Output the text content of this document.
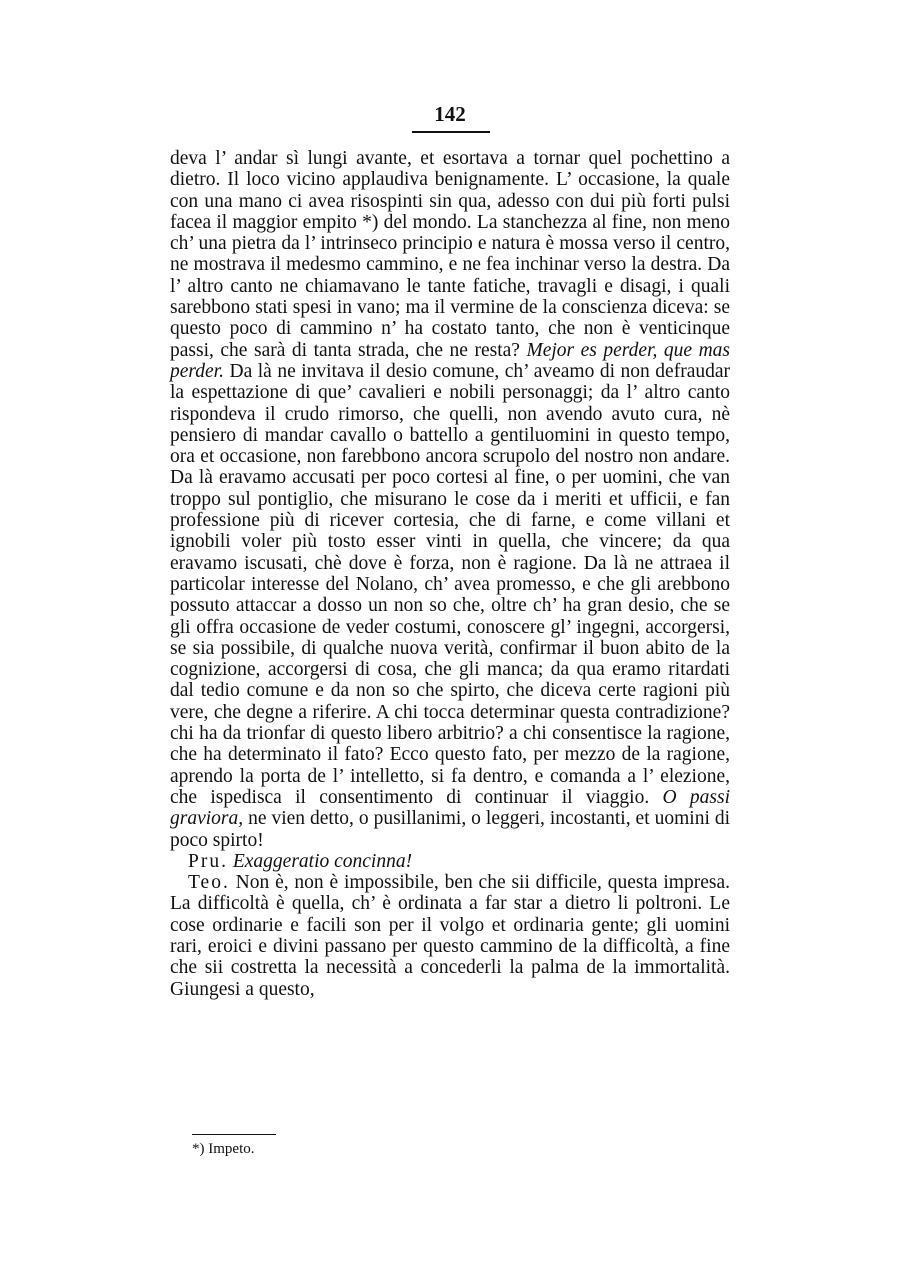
142

deva l’ andar sì lungi avante, et esortava a tornar quel pochettino a dietro. Il loco vicino applaudiva benignamente. L’ occasione, la quale con una mano ci avea risospinti sin qua, adesso con dui più forti pulsi facea il maggior empito *) del mondo. La stanchezza al fine, non meno ch’ una pietra da l’ intrinseco principio e natura è mossa verso il centro, ne mostrava il medesmo cammino, e ne fea inchinar verso la destra. Da l’ altro canto ne chiamavano le tante fatiche, travagli e disagi, i quali sarebbono stati spesi in vano; ma il vermine de la conscienza diceva: se questo poco di cammino n’ ha costato tanto, che non è venticinque passi, che sarà di tanta strada, che ne resta? Mejor es perder, que mas perder. Da là ne invitava il desio comune, ch’ aveamo di non defraudar la espettazione di que’ cavalieri e nobili personaggi; da l’ altro canto rispondeva il crudo rimorso, che quelli, non avendo avuto cura, nè pensiero di mandar cavallo o battello a gentiluomini in questo tempo, ora et occasione, non farebbono ancora scrupolo del nostro non andare. Da là eravamo accusati per poco cortesi al fine, o per uomini, che van troppo sul pontiglio, che misurano le cose da i meriti et ufficii, e fan professione più di ricever cortesia, che di farne, e come villani et ignobili voler più tosto esser vinti in quella, che vincere; da qua eravamo iscusati, chè dove è forza, non è ragione. Da là ne attraea il particolar interesse del Nolano, ch’ avea promesso, e che gli arebbono possuto attaccar a dosso un non so che, oltre ch’ ha gran desio, che se gli offra occasione de veder costumi, conoscere gl’ ingegni, accorgersi, se sia possibile, di qualche nuova verità, confirmar il buon abito de la cognizione, accorgersi di cosa, che gli manca; da qua eramo ritardati dal tedio comune e da non so che spirto, che diceva certe ragioni più vere, che degne a riferire. A chi tocca determinar questa contradizione? chi ha da trionfar di questo libero arbitrio? a chi consentisce la ragione, che ha determinato il fato? Ecco questo fato, per mezzo de la ragione, aprendo la porta de l’ intelletto, si fa dentro, e comanda a l’ elezione, che ispedisca il consentimento di continuar il viaggio. O passi graviora, ne vien detto, o pusillanimi, o leggeri, incostanti, et uomini di poco spirto!

Pru. Exaggeratio concinna!

Teo. Non è, non è impossibile, ben che sii difficile, questa impresa. La difficoltà è quella, ch’ è ordinata a far star a dietro li poltroni. Le cose ordinarie e facili son per il volgo et ordinaria gente; gli uomini rari, eroici e divini passano per questo cammino de la difficoltà, a fine che sii costretta la necessità a concederli la palma de la immortalità. Giungesi a questo,

*) Impeto.
